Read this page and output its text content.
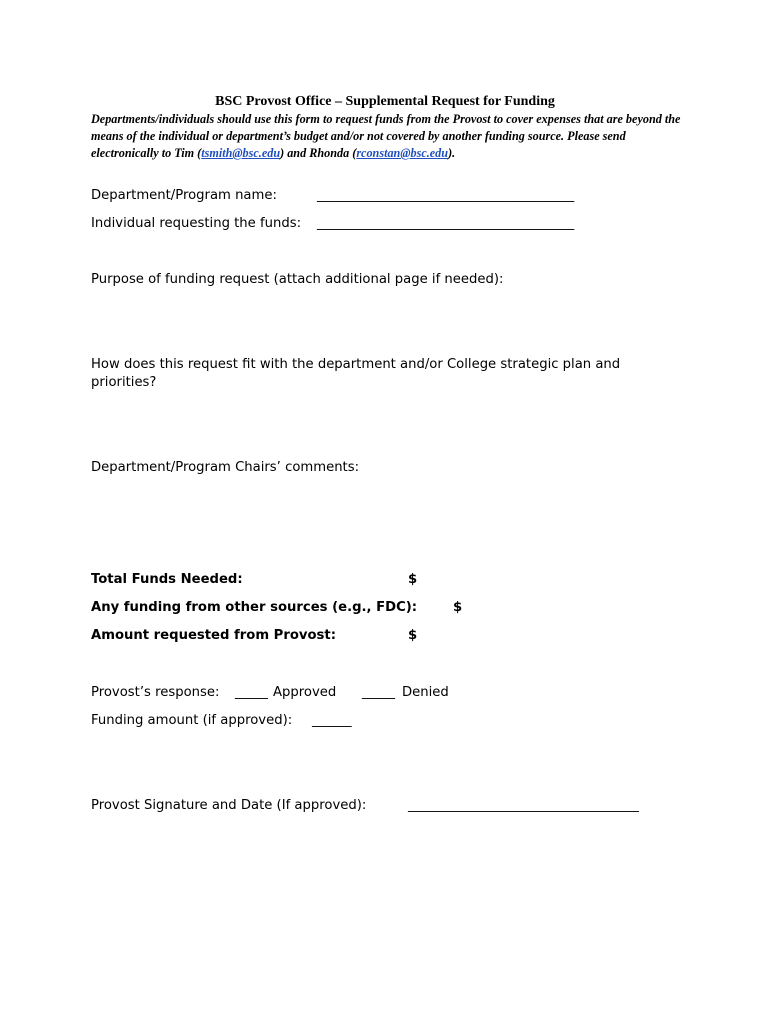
BSC Provost Office – Supplemental Request for Funding
Departments/individuals should use this form to request funds from the Provost to cover expenses that are beyond the means of the individual or department’s budget and/or not covered by another funding source. Please send electronically to Tim (tsmith@bsc.edu) and Rhonda (rconstan@bsc.edu).
Department/Program name:	_______________________________________
Individual requesting the funds: _______________________________________
Purpose of funding request (attach additional page if needed):
How does this request fit with the department and/or College strategic plan and priorities?
Department/Program Chairs’ comments:
Total Funds Needed:	$
Any funding from other sources (e.g., FDC):	$
Amount requested from Provost:	$
Provost’s response: _____ Approved _____ Denied
Funding amount (if approved): ______
Provost Signature and Date (If approved):	___________________________________
